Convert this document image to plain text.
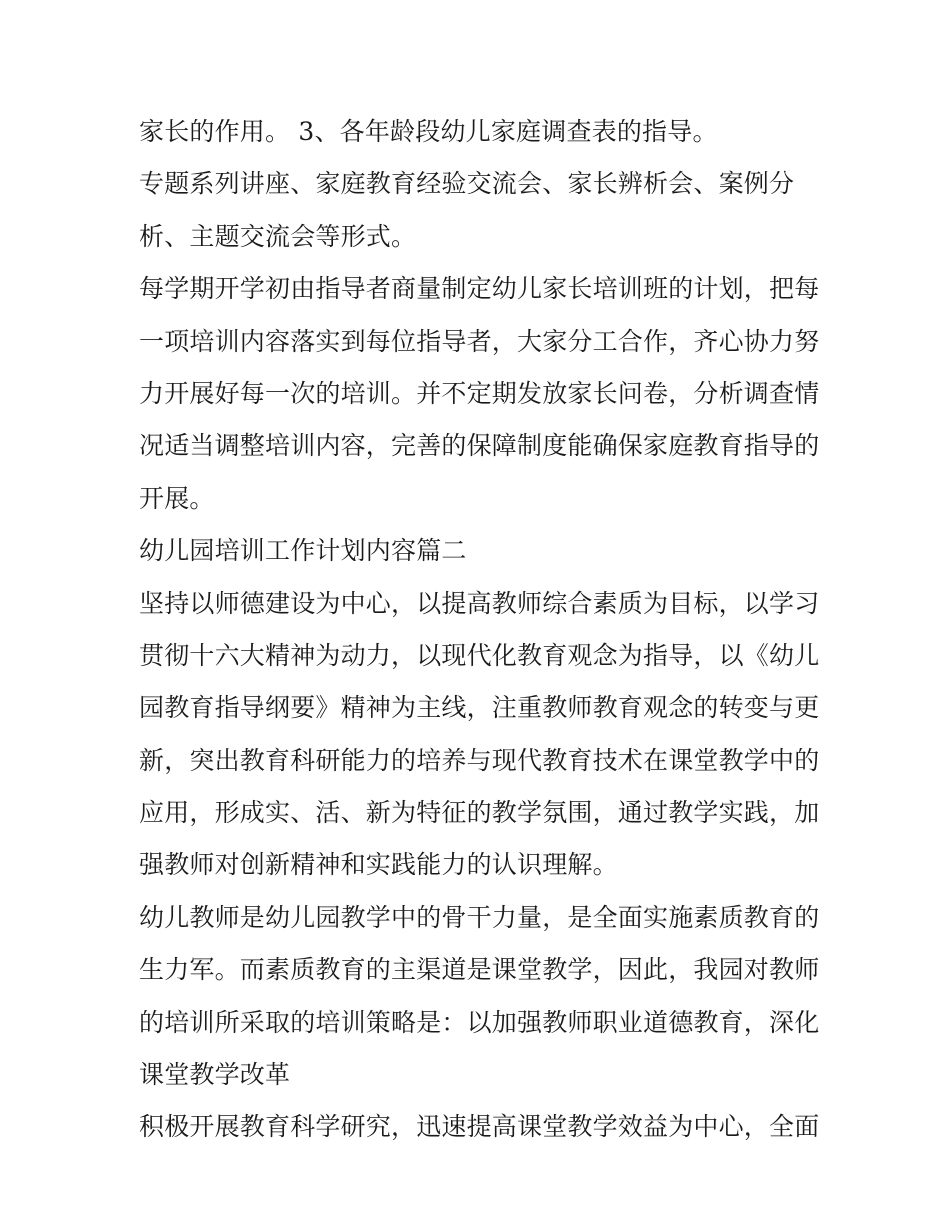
家长的作用。 3、各年龄段幼儿家庭调查表的指导。
专题系列讲座、家庭教育经验交流会、家长辨析会、案例分
析、主题交流会等形式。
每学期开学初由指导者商量制定幼儿家长培训班的计划，把每
一项培训内容落实到每位指导者，大家分工合作，齐心协力努
力开展好每一次的培训。并不定期发放家长问卷，分析调查情
况适当调整培训内容，完善的保障制度能确保家庭教育指导的
开展。
幼儿园培训工作计划内容篇二
坚持以师德建设为中心，以提高教师综合素质为目标，以学习
贯彻十六大精神为动力，以现代化教育观念为指导，以《幼儿
园教育指导纲要》精神为主线，注重教师教育观念的转变与更
新，突出教育科研能力的培养与现代教育技术在课堂教学中的
应用，形成实、活、新为特征的教学氛围，通过教学实践，加
强教师对创新精神和实践能力的认识理解。
幼儿教师是幼儿园教学中的骨干力量，是全面实施素质教育的
生力军。而素质教育的主渠道是课堂教学，因此，我园对教师
的培训所采取的培训策略是：以加强教师职业道德教育，深化
课堂教学改革
积极开展教育科学研究，迅速提高课堂教学效益为中心，全面
